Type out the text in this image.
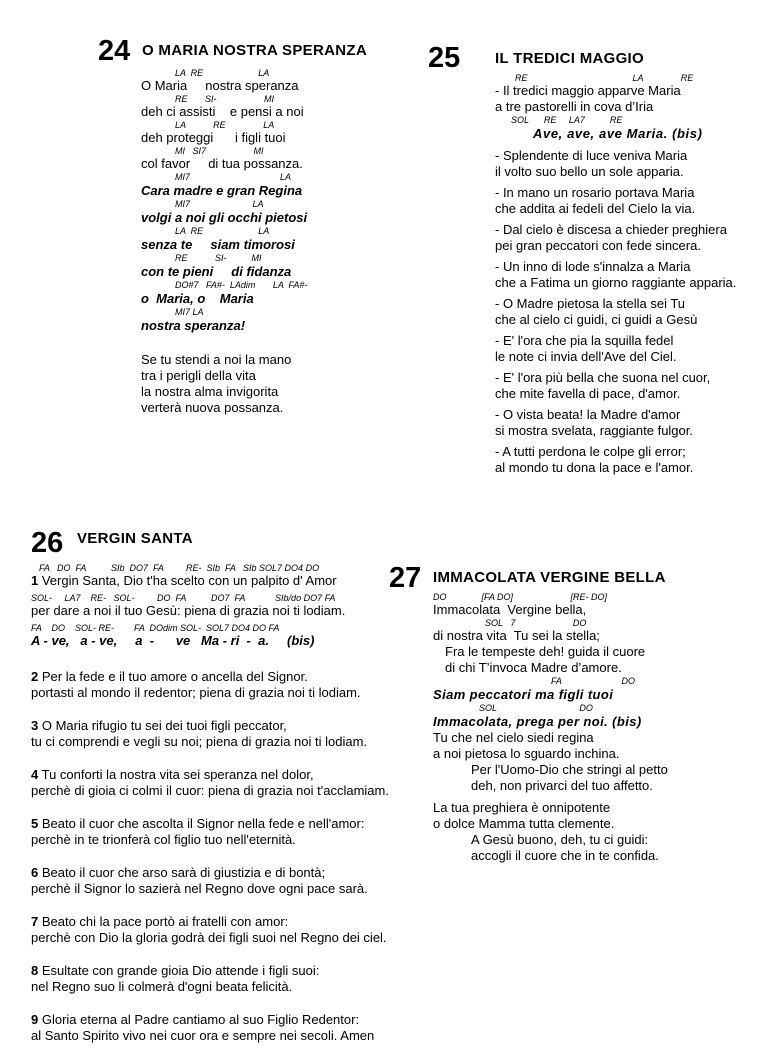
24 O MARIA NOSTRA SPERANZA
LA  RE                      LA
O Maria     nostra speranza
RE       SI-                   MI
deh ci assisti    e pensi a noi
LA           RE               LA
deh proteggi      i figli tuoi
MI   SI7                   MI
col favor     di tua possanza.
MI7                                    LA
Cara madre e gran Regina
MI7                         LA
volgi a noi gli occhi pietosi
LA  RE                      LA
senza te     siam timorosi
RE           SI-          MI
con te pieni     di fidanza
DO#7   FA#-  LAdim       LA  FA#-
o  Maria, o    Maria
MI7 LA
nostra speranza!
Se tu stendi a noi la mano
tra i perigli della vita
la nostra alma invigorita
verterà nuova possanza.
25 IL TREDICI MAGGIO
RE                                          LA               RE
- Il tredici maggio apparve Maria
a tre pastorelli in cova d’Iria
SOL      RE     LA7          RE
Ave, ave, ave Maria. (bis)
- Splendente di luce veniva Maria
il volto suo bello un sole apparia.
- In mano un rosario portava Maria
che addita ai fedeli del Cielo la via.
- Dal cielo è discesa a chieder preghiera
pei gran peccatori con fede sincera.
- Un inno di lode s'innalza a Maria
che a Fatima un giorno raggiante apparia.
- O Madre pietosa la stella sei Tu
che al cielo ci guidi, ci guidi a Gesù
- E' l'ora che pia la squilla fedel
le note ci invia dell'Ave del Ciel.
- E' l'ora più bella che suona nel cuor,
che mite favella di pace, d'amor.
- O vista beata! la Madre d'amor
si mostra svelata, raggiante fulgor.
- A tutti perdona le colpe gli error;
al mondo tu dona la pace e l'amor.
26 VERGIN SANTA
FA   DO  FA          SIb  DO7  FA         RE-  SIb  FA   SIb SOL7 DO4 DO
1 Vergin Santa, Dio t'ha scelto con un palpito d' Amor
SOL-     LA7    RE-   SOL-         DO  FA          DO7  FA            SIb/do DO7 FA
per dare a noi il tuo Gesù: piena di grazia noi ti lodiam.
FA    DO    SOL- RE-        FA  DOdim SOL-  SOL7 DO4 DO FA
A - ve,   a - ve,     a  -      ve   Ma - ri  -  a.     (bis)
2 Per la fede e il tuo amore o ancella del Signor.
portasti al mondo il redentor; piena di grazia noi ti lodiam.
3 O Maria rifugio tu sei dei tuoi figli peccator,
tu ci comprendi e vegli su noi; piena di grazia noi ti lodiam.
4 Tu conforti la nostra vita sei speranza nel dolor,
perchè di gioia ci colmi il cuor: piena di grazia noi t'acclamiam.
5 Beato il cuor che ascolta il Signor nella fede e nell'amor:
perchè in te trionferà col figlio tuo nell'eternità.
6 Beato il cuor che arso sarà di giustizia e di bontà;
perchè il Signor lo sazierà nel Regno dove ogni pace sarà.
7 Beato chi la pace portò ai fratelli con amor:
perchè con Dio la gloria godrà dei figli suoi nel Regno dei ciel.
8 Esultate con grande gioia Dio attende i figli suoi:
nel Regno suo li colmerà d'ogni beata felicità.
9 Gloria eterna al Padre cantiamo al suo Figlio Redentor:
al Santo Spirito vivo nei cuor ora e sempre nei secoli. Amen
27 IMMACOLATA VERGINE BELLA
DO              [FA DO]                       [RE- DO]
Immacolata  Vergine bella,
SOL   7                       DO
di nostra vita  Tu sei la stella;
Fra le tempeste deh! guida il cuore
di chi T’invoca Madre d’amore.
FA                        DO
Siam peccatori ma figli tuoi
SOL                                 DO
Immacolata, prega per noi. (bis)
Tu che nel cielo siedi regina
a noi pietosa lo sguardo inchina.
Per l'Uomo-Dio che stringi al petto
deh, non privarci del tuo affetto.
La tua preghiera è onnipotente
o dolce Mamma tutta clemente.
A Gesù buono, deh, tu ci guidi:
accogli il cuore che in te confida.
